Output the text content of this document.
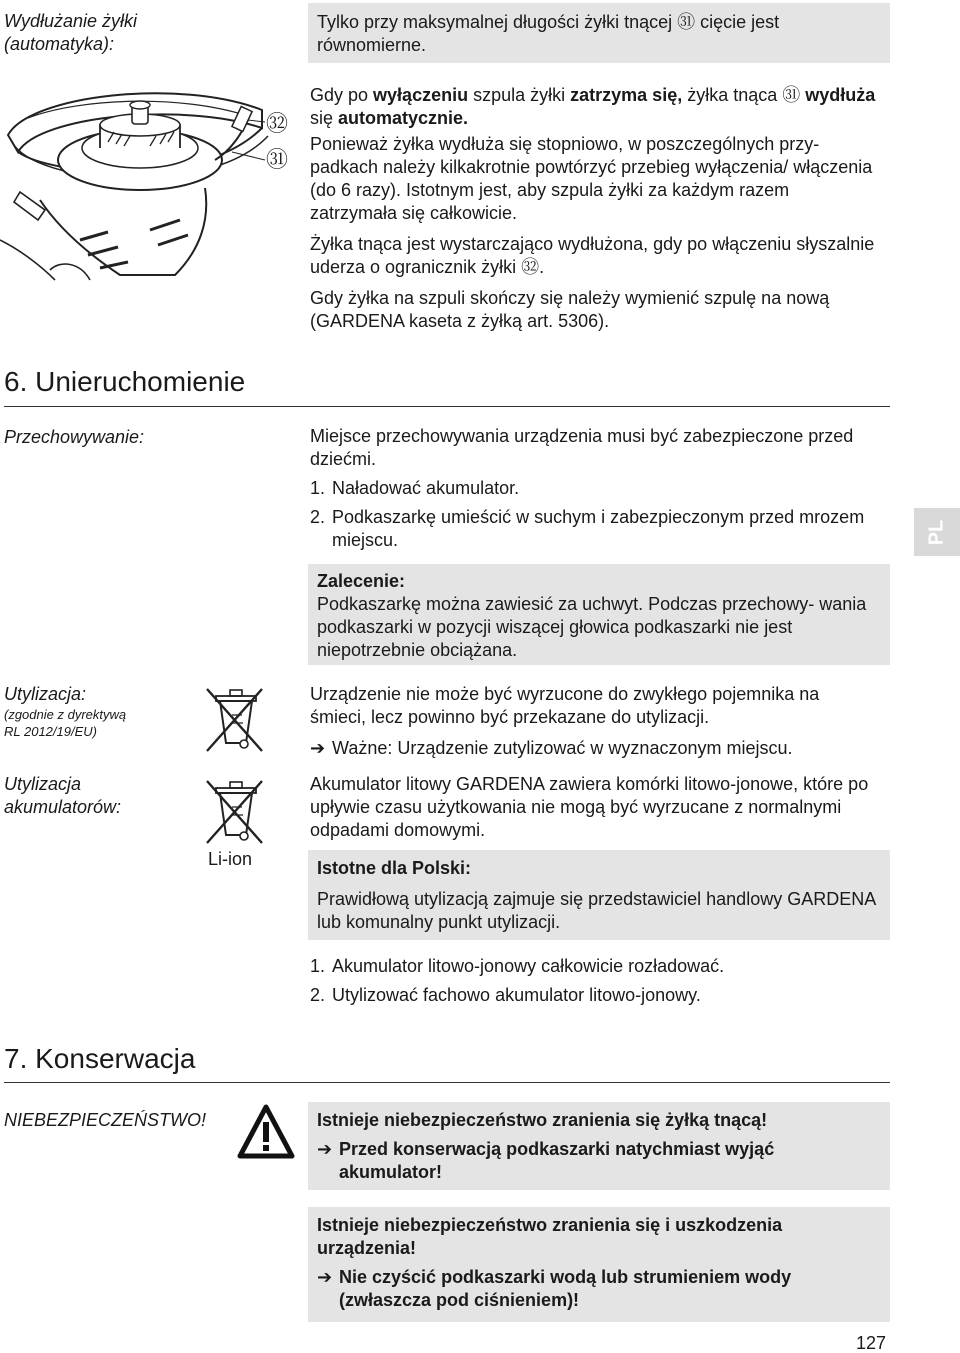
Wydłużanie żyłki
(automatyka):

Tylko przy maksymalnej długości żyłki tnącej ㉛ cięcie jest równomierne.

㉜
㉛

Gdy po wyłączeniu szpula żyłki zatrzyma się, żyłka tnąca ㉛ wydłuża się automatycznie.

Ponieważ żyłka wydłuża się stopniowo, w poszczególnych przy- padkach należy kilkakrotnie powtórzyć przebieg wyłączenia/ włączenia (do 6 razy). Istotnym jest, aby szpula żyłki za każdym razem zatrzymała się całkowicie.

Żyłka tnąca jest wystarczająco wydłużona, gdy po włączeniu słyszalnie uderza o ogranicznik żyłki ㉜.

Gdy żyłka na szpuli skończy się należy wymienić szpulę na nową (GARDENA kaseta z żyłką art. 5306).

6. Unieruchomienie
Przechowywanie:	Miejsce przechowywania urządzenia musi być zabezpieczone przed dziećmi.

1. Naładować akumulator.
2. Podkaszarkę umieścić w suchym i zabezpieczonym przed mrozem miejscu.	PL

Zalecenie:

Podkaszarkę można zawiesić za uchwyt. Podczas przechowy- wania podkaszarki w pozycji wiszącej głowica podkaszarki nie jest niepotrzebnie obciążana.

Utylizacja:
(zgodnie z dyrektywą
RL 2012/19/EU)

Urządzenie nie może być wyrzucone do zwykłego pojemnika na śmieci, lecz powinno być przekazane do utylizacji.

➔ Ważne: Urządzenie zutylizować w wyznaczonym miejscu.
Utylizacja
akumulatorów:
Li-ion
Akumulator litowy GARDENA zawiera komórki litowo-jonowe, które po upływie czasu użytkowania nie mogą być wyrzucane z normalnymi odpadami domowymi.

Istotne dla Polski:

Prawidłową utylizacją zajmuje się przedstawiciel handlowy GARDENA lub komunalny punkt utylizacji.

1. Akumulator litowo-jonowy całkowicie rozładować.
2. Utylizować fachowo akumulator litowo-jonowy.
7. Konserwacja
NIEBEZPIECZEŃSTWO!	Istnieje niebezpieczeństwo zranienia się żyłką tnącą!

➔ Przed konserwacją podkaszarki natychmiast wyjąć akumulator!

Istnieje niebezpieczeństwo zranienia się i uszkodzenia urządzenia!

➔ Nie czyścić podkaszarki wodą lub strumieniem wody (zwłaszcza pod ciśnieniem)!
127
